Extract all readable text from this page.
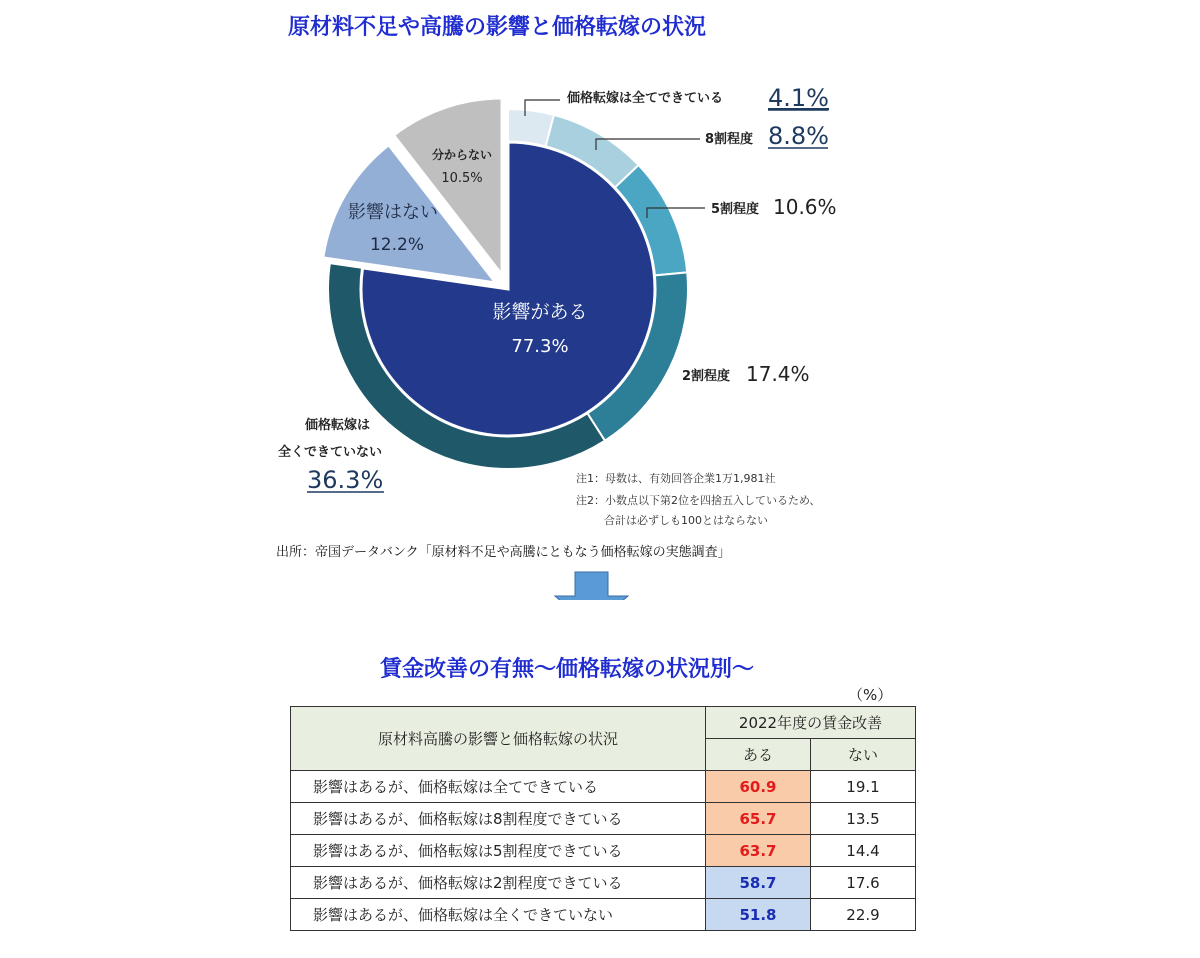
原材料不足や高騰の影響と価格転嫁の状況
価格転嫁は全てできている 4.1%
8割程度 8.8%
5割程度 10.6%
2割程度 17.4%
価格転嫁は
全くできていない
36.3%
影響がある
77.3%
影響はない
12.2%
分からない
10.5%
注1：母数は、有効回答企業1万1,981社
注2：小数点以下第2位を四捨五入しているため、
合計は必ずしも100とはならない
出所：帝国データバンク「原材料不足や高騰にともなう価格転嫁の実態調査」
賃金改善の有無～価格転嫁の状況別～
（%）
原材料高騰の影響と価格転嫁の状況	2022年度の賃金改善	
	ある	ない
影響はあるが、価格転嫁は全てできている	60.9	19.1
影響はあるが、価格転嫁は8割程度できている	65.7	13.5
影響はあるが、価格転嫁は5割程度できている	63.7	14.4
影響はあるが、価格転嫁は2割程度できている	58.7	17.6
影響はあるが、価格転嫁は全くできていない	51.8	22.9
